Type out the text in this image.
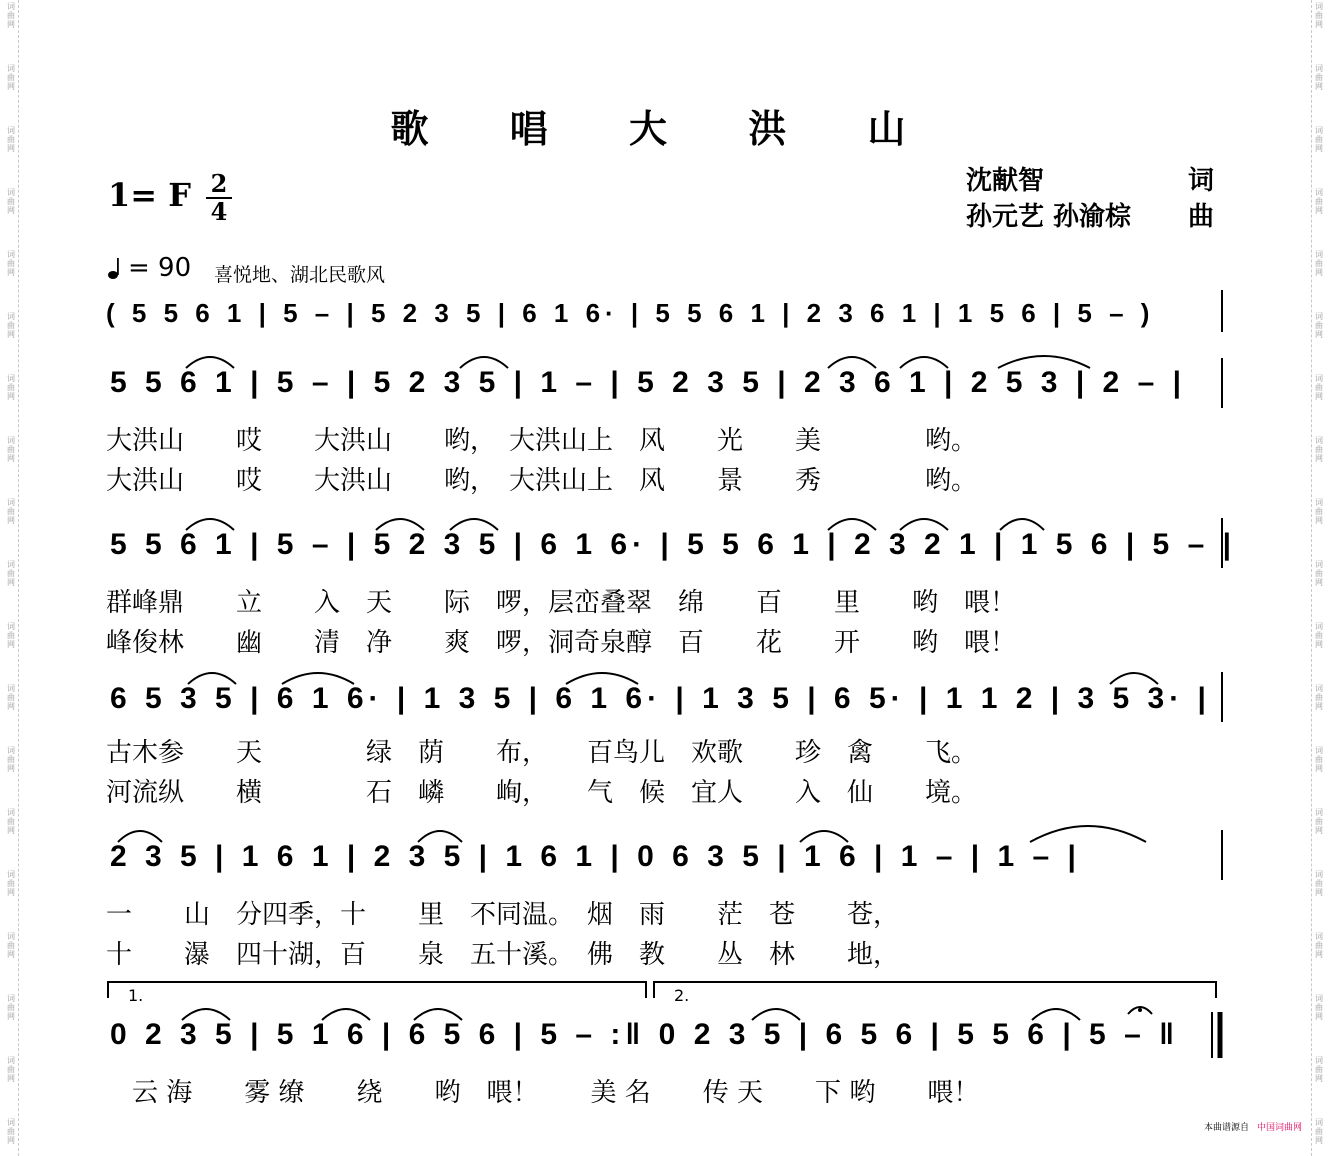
歌 唱 大 洪 山
沈献智	词
孙元艺 孙渝棕 曲
1= F 2
4
= 90 喜悦地、湖北民歌风
( 5 5 6 1 | 5 – | 5 2 3 5 | 6 1 6· | 5 5 6 1 | 2 3 6 1 | 1 5 6 | 5 – )
5 5 6 1 | 5 – | 5 2 3 5 | 1 – | 5 2 3 5 | 2 3 6 1 | 2 5 3 | 2 – |
大洪山　　哎　　大洪山　　哟，　大洪山上　风　　光　　美　　　　哟。
大洪山　　哎　　大洪山　　哟，　大洪山上　风　　景　　秀　　　　哟。
5 5 6 1 | 5 – | 5 2 3 5 | 6 1 6· | 5 5 6 1 | 2 3 2 1 | 1 5 6 | 5 – |
群峰鼎　　立　　入　天　　际　啰，层峦叠翠　绵　　百　　里　　哟　喂！
峰俊林　　幽　　清　净　　爽　啰，洞奇泉醇　百　　花　　开　　哟　喂！
6 5 3 5 | 6 1 6· | 1 3 5 | 6 1 6· | 1 3 5 | 6 5· | 1 1 2 | 3 5 3· |
古木参　　天　　　　绿　荫　　布，　　百鸟儿　欢歌　　珍　禽　　飞。
河流纵　　横　　　　石　嶙　　峋，　　气　候　宜人　　入　仙　　境。
2 3 5 | 1 6 1 | 2 3 5 | 1 6 1 | 0 6 3 5 | 1 6 | 1 – | 1 – |
一　　山　分四季，十　　里　不同温。　烟　雨　　茫　苍　　苍，
十　　瀑　四十湖，百　　泉　五十溪。　佛　教　　丛　林　　地，
1.	2.
0 2 3 5 | 5 1 6 | 6 5 6 | 5 – :‖ 0 2 3 5 | 6 5 6 | 5 5 6 | 5 – ‖
　云 海　　雾 缭　　绕　　哟　喂！　　美 名　　传 天　　下 哟　　喂！
本曲谱源自 中国词曲网
词
曲
网
词
曲
网
词
曲
网
词
曲
网
词
曲
网
词
曲
网
词
曲
网
词
曲
网
词
曲
网
词
曲
网
词
曲
网
词
曲
网
词
曲
网
词
曲
网
词
曲
网
词
曲
网
词
曲
网
词
曲
网
词
曲
网
词
曲
网
词
曲
网
词
曲
网
词
曲
网
词
曲
网
词
曲
网
词
曲
网
词
曲
网
词
曲
网
词
曲
网
词
曲
网
词
曲
网
词
曲
网
词
曲
网
词
曲
网
词
曲
网
词
曲
网
词
曲
网
词
曲
网
